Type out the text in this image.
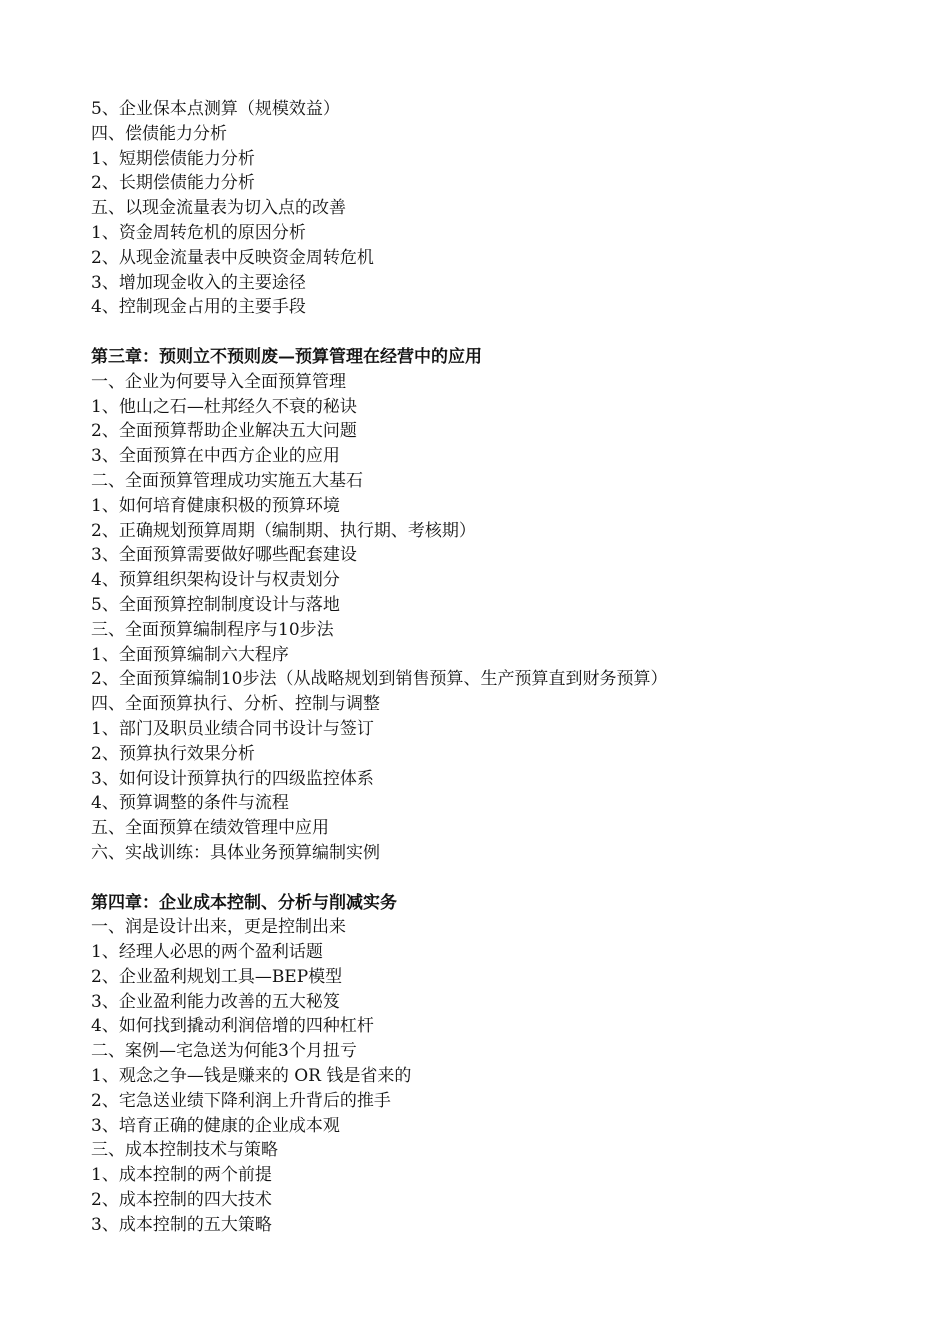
5、企业保本点测算（规模效益）
四、偿债能力分析
1、短期偿债能力分析
2、长期偿债能力分析
五、以现金流量表为切入点的改善
1、资金周转危机的原因分析
2、从现金流量表中反映资金周转危机
3、增加现金收入的主要途径
4、控制现金占用的主要手段
第三章：预则立不预则废—预算管理在经营中的应用
一、企业为何要导入全面预算管理
1、他山之石—杜邦经久不衰的秘诀
2、全面预算帮助企业解决五大问题
3、全面预算在中西方企业的应用
二、全面预算管理成功实施五大基石
1、如何培育健康积极的预算环境
2、正确规划预算周期（编制期、执行期、考核期）
3、全面预算需要做好哪些配套建设
4、预算组织架构设计与权责划分
5、全面预算控制制度设计与落地
三、全面预算编制程序与10步法
1、全面预算编制六大程序
2、全面预算编制10步法（从战略规划到销售预算、生产预算直到财务预算）
四、全面预算执行、分析、控制与调整
1、部门及职员业绩合同书设计与签订
2、预算执行效果分析
3、如何设计预算执行的四级监控体系
4、预算调整的条件与流程
五、全面预算在绩效管理中应用
六、实战训练：具体业务预算编制实例
第四章：企业成本控制、分析与削减实务
一、润是设计出来，更是控制出来
1、经理人必思的两个盈利话题
2、企业盈利规划工具—BEP模型
3、企业盈利能力改善的五大秘笈
4、如何找到撬动利润倍增的四种杠杆
二、案例—宅急送为何能3个月扭亏
1、观念之争—钱是赚来的 OR 钱是省来的
2、宅急送业绩下降利润上升背后的推手
3、培育正确的健康的企业成本观
三、成本控制技术与策略
1、成本控制的两个前提
2、成本控制的四大技术
3、成本控制的五大策略
